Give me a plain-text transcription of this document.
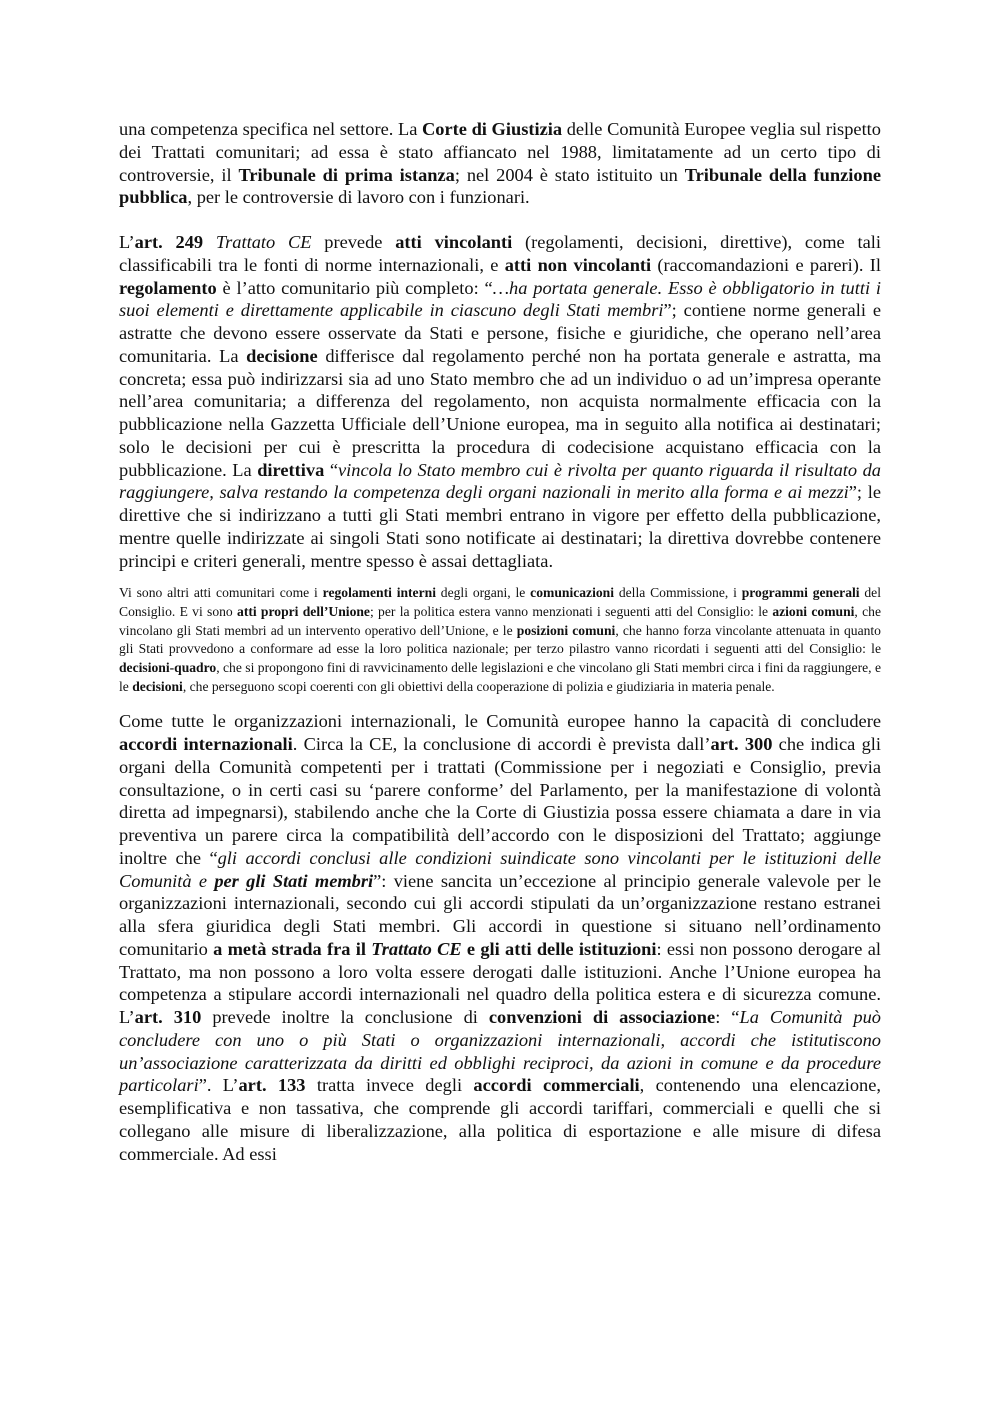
una competenza specifica nel settore. La Corte di Giustizia delle Comunità Europee veglia sul rispetto dei Trattati comunitari; ad essa è stato affiancato nel 1988, limitatamente ad un certo tipo di controversie, il Tribunale di prima istanza; nel 2004 è stato istituito un Tribunale della funzione pubblica, per le controversie di lavoro con i funzionari.

L’art. 249 Trattato CE prevede atti vincolanti (regolamenti, decisioni, direttive), come tali classificabili tra le fonti di norme internazionali, e atti non vincolanti (raccomandazioni e pareri). Il regolamento è l’atto comunitario più completo: “…ha portata generale. Esso è obbligatorio in tutti i suoi elementi e direttamente applicabile in ciascuno degli Stati membri”; contiene norme generali e astratte che devono essere osservate da Stati e persone, fisiche e giuridiche, che operano nell’area comunitaria. La decisione differisce dal regolamento perché non ha portata generale e astratta, ma concreta; essa può indirizzarsi sia ad uno Stato membro che ad un individuo o ad un’impresa operante nell’area comunitaria; a differenza del regolamento, non acquista normalmente efficacia con la pubblicazione nella Gazzetta Ufficiale dell’Unione europea, ma in seguito alla notifica ai destinatari; solo le decisioni per cui è prescritta la procedura di codecisione acquistano efficacia con la pubblicazione. La direttiva “vincola lo Stato membro cui è rivolta per quanto riguarda il risultato da raggiungere, salva restando la competenza degli organi nazionali in merito alla forma e ai mezzi”; le direttive che si indirizzano a tutti gli Stati membri entrano in vigore per effetto della pubblicazione, mentre quelle indirizzate ai singoli Stati sono notificate ai destinatari; la direttiva dovrebbe contenere principi e criteri generali, mentre spesso è assai dettagliata.

Vi sono altri atti comunitari come i regolamenti interni degli organi, le comunicazioni della Commissione, i programmi generali del Consiglio. E vi sono atti propri dell’Unione; per la politica estera vanno menzionati i seguenti atti del Consiglio: le azioni comuni, che vincolano gli Stati membri ad un intervento operativo dell’Unione, e le posizioni comuni, che hanno forza vincolante attenuata in quanto gli Stati provvedono a conformare ad esse la loro politica nazionale; per terzo pilastro vanno ricordati i seguenti atti del Consiglio: le decisioni-quadro, che si propongono fini di ravvicinamento delle legislazioni e che vincolano gli Stati membri circa i fini da raggiungere, e le decisioni, che perseguono scopi coerenti con gli obiettivi della cooperazione di polizia e giudiziaria in materia penale.

Come tutte le organizzazioni internazionali, le Comunità europee hanno la capacità di concludere accordi internazionali. Circa la CE, la conclusione di accordi è prevista dall’art. 300 che indica gli organi della Comunità competenti per i trattati (Commissione per i negoziati e Consiglio, previa consultazione, o in certi casi su ‘parere conforme’ del Parlamento, per la manifestazione di volontà diretta ad impegnarsi), stabilendo anche che la Corte di Giustizia possa essere chiamata a dare in via preventiva un parere circa la compatibilità dell’accordo con le disposizioni del Trattato; aggiunge inoltre che “gli accordi conclusi alle condizioni suindicate sono vincolanti per le istituzioni delle Comunità e per gli Stati membri”: viene sancita un’eccezione al principio generale valevole per le organizzazioni internazionali, secondo cui gli accordi stipulati da un’organizzazione restano estranei alla sfera giuridica degli Stati membri. Gli accordi in questione si situano nell’ordinamento comunitario a metà strada fra il Trattato CE e gli atti delle istituzioni: essi non possono derogare al Trattato, ma non possono a loro volta essere derogati dalle istituzioni. Anche l’Unione europea ha competenza a stipulare accordi internazionali nel quadro della politica estera e di sicurezza comune. L’art. 310 prevede inoltre la conclusione di convenzioni di associazione: “La Comunità può concludere con uno o più Stati o organizzazioni internazionali, accordi che istitutiscono un’associazione caratterizzata da diritti ed obblighi reciproci, da azioni in comune e da procedure particolari”. L’art. 133 tratta invece degli accordi commerciali, contenendo una elencazione, esemplificativa e non tassativa, che comprende gli accordi tariffari, commerciali e quelli che si collegano alle misure di liberalizzazione, alla politica di esportazione e alle misure di difesa commerciale. Ad essi
